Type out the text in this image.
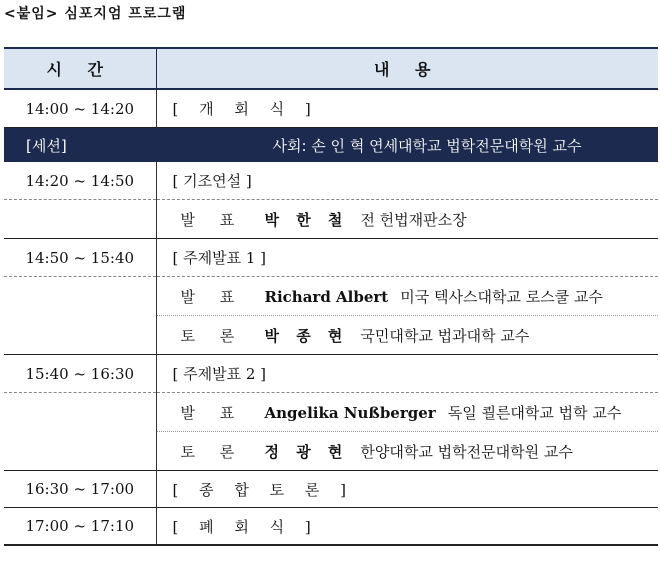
<붙임> 심포지엄 프로그램
시 간	내 용
14:00 ~ 14:20	[ 개 회 식 ]
[세션]	사회: 손 인 혁 연세대학교 법학전문대학원 교수
14:20 ~ 14:50	[ 기조연설 ]
	발 표 박 한 철 전 헌법재판소장
14:50 ~ 15:40	[ 주제발표 1 ]
	발 표 Richard Albert 미국 텍사스대학교 로스쿨 교수
	토 론 박 종 현 국민대학교 법과대학 교수
15:40 ~ 16:30	[ 주제발표 2 ]
	발 표 Angelika Nußberger 독일 쾰른대학교 법학 교수
	토 론 정 광 현 한양대학교 법학전문대학원 교수
16:30 ~ 17:00	[ 종 합 토 론 ]
17:00 ~ 17:10	[ 폐 회 식 ]
